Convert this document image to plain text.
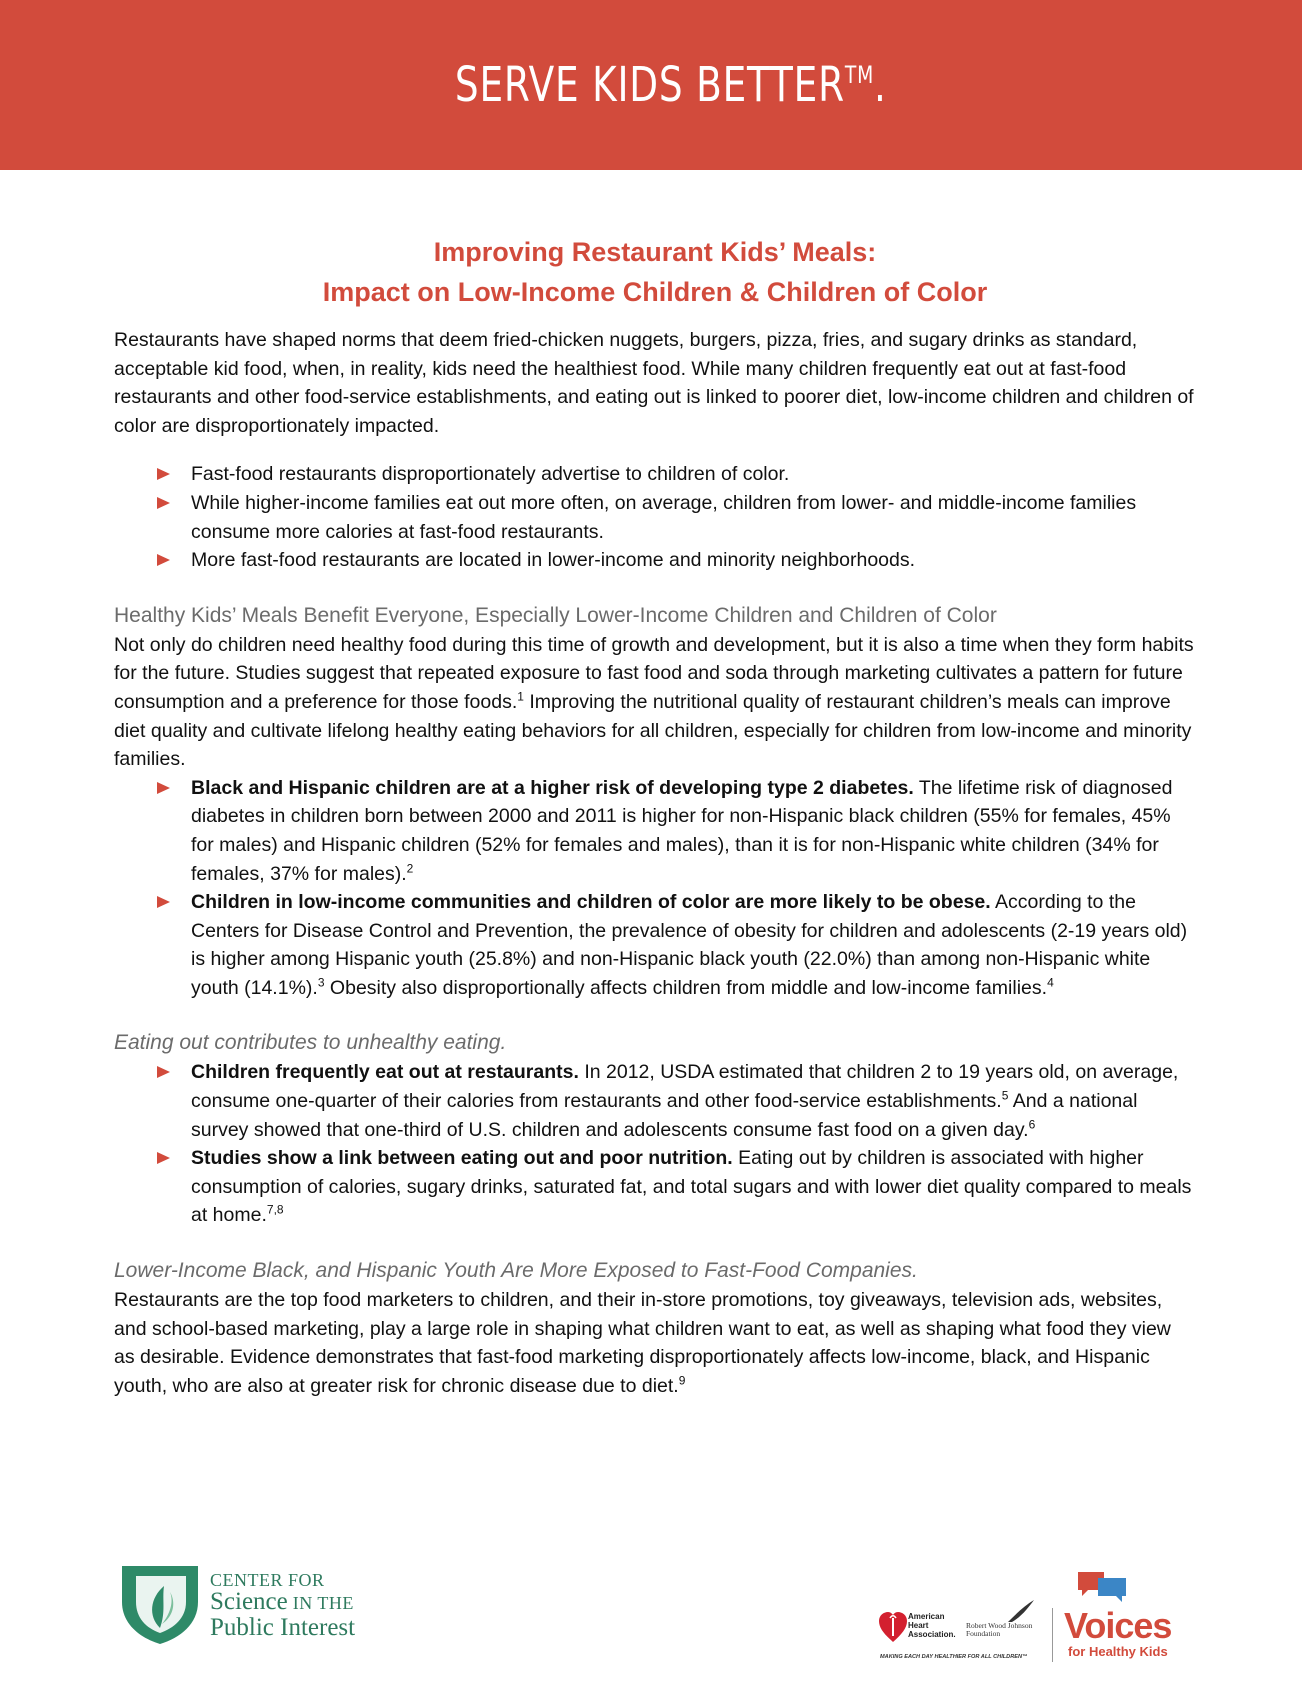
SERVE KIDS BETTER™.
Improving Restaurant Kids’ Meals:
Impact on Low-Income Children & Children of Color

Restaurants have shaped norms that deem fried-chicken nuggets, burgers, pizza, fries, and sugary drinks as standard, acceptable kid food, when, in reality, kids need the healthiest food. While many children frequently eat out at fast-food restaurants and other food-service establishments, and eating out is linked to poorer diet, low-income children and children of color are disproportionately impacted.

Fast-food restaurants disproportionately advertise to children of color.
While higher-income families eat out more often, on average, children from lower- and middle-income families consume more calories at fast-food restaurants.
More fast-food restaurants are located in lower-income and minority neighborhoods.
Healthy Kids’ Meals Benefit Everyone, Especially Lower-Income Children and Children of Color

Not only do children need healthy food during this time of growth and development, but it is also a time when they form habits for the future. Studies suggest that repeated exposure to fast food and soda through marketing cultivates a pattern for future consumption and a preference for those foods.$^1$ Improving the nutritional quality of restaurant children’s meals can improve diet quality and cultivate lifelong healthy eating behaviors for all children, especially for children from low-income and minority families.

Black and Hispanic children are at a higher risk of developing type 2 diabetes. The lifetime risk of diagnosed diabetes in children born between 2000 and 2011 is higher for non-Hispanic black children (55% for females, 45% for males) and Hispanic children (52% for females and males), than it is for non-Hispanic white children (34% for females, 37% for males).$^2$
Children in low-income communities and children of color are more likely to be obese. According to the Centers for Disease Control and Prevention, the prevalence of obesity for children and adolescents (2-19 years old) is higher among Hispanic youth (25.8%) and non-Hispanic black youth (22.0%) than among non-Hispanic white youth (14.1%).$^3$ Obesity also disproportionally affects children from middle and low-income families.$^4$
Eating out contributes to unhealthy eating.
Children frequently eat out at restaurants. In 2012, USDA estimated that children 2 to 19 years old, on average, consume one-quarter of their calories from restaurants and other food-service establishments.$^5$ And a national survey showed that one-third of U.S. children and adolescents consume fast food on a given day.$^6$
Studies show a link between eating out and poor nutrition. Eating out by children is associated with higher consumption of calories, sugary drinks, saturated fat, and total sugars and with lower diet quality compared to meals at home.$^{7,8}$
Lower-Income Black, and Hispanic Youth Are More Exposed to Fast-Food Companies.

Restaurants are the top food marketers to children, and their in-store promotions, toy giveaways, television ads, websites, and school-based marketing, play a large role in shaping what children want to eat, as well as shaping what food they view as desirable. Evidence demonstrates that fast-food marketing disproportionately affects low-income, black, and Hispanic youth, who are also at greater risk for chronic disease due to diet.$^9$

CENTER FOR
Science IN THE
Public Interest	American
Heart
Association.
Robert Wood Johnson
Foundation
MAKING EACH DAY HEALTHIER FOR ALL CHILDREN™
Voices
for Healthy Kids
